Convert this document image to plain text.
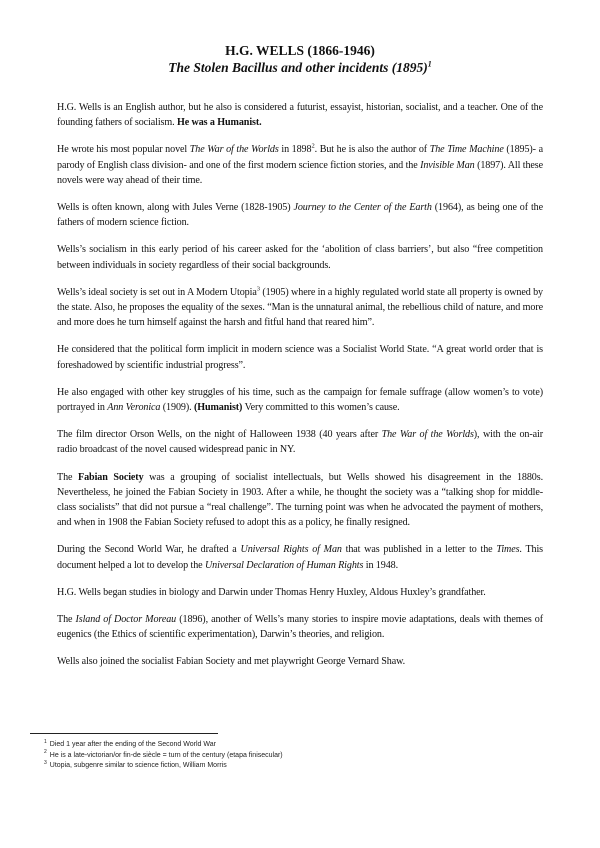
H.G. WELLS (1866-1946)
The Stolen Bacillus and other incidents $(1895)^1$

H.G. Wells is an English author, but he also is considered a futurist, essayist, historian, socialist, and a teacher. One of the founding fathers of socialism. He was a Humanist.

He wrote his most popular novel The War of the Worlds in 1898$^2$. But he is also the author of The Time Machine (1895)- a parody of English class division- and one of the first modern science fiction stories, and the Invisible Man (1897). All these novels were way ahead of their time.

Wells is often known, along with Jules Verne (1828-1905) Journey to the Center of the Earth (1964), as being one of the fathers of modern science fiction.

Wells’s socialism in this early period of his career asked for the ‘abolition of class barriers’, but also “free competition between individuals in society regardless of their social backgrounds.

Wells’s ideal society is set out in A Modern Utopia$^3$ (1905) where in a highly regulated world state all property is owned by the state. Also, he proposes the equality of the sexes. “Man is the unnatural animal, the rebellious child of nature, and more and more does he turn himself against the harsh and fitful hand that reared him”.

He considered that the political form implicit in modern science was a Socialist World State. “A great world order that is foreshadowed by scientific industrial progress”.

He also engaged with other key struggles of his time, such as the campaign for female suffrage (allow women’s to vote) portrayed in Ann Veronica (1909). (Humanist) Very committed to this women’s cause.

The film director Orson Wells, on the night of Halloween 1938 (40 years after The War of the Worlds), with the on-air radio broadcast of the novel caused widespread panic in NY.

The Fabian Society was a grouping of socialist intellectuals, but Wells showed his disagreement in the 1880s. Nevertheless, he joined the Fabian Society in 1903. After a while, he thought the society was a “talking shop for middle-class socialists” that did not pursue a “real challenge”. The turning point was when he advocated the payment of mothers, and when in 1908 the Fabian Society refused to adopt this as a policy, he finally resigned.

During the Second World War, he drafted a Universal Rights of Man that was published in a letter to the Times. This document helped a lot to develop the Universal Declaration of Human Rights in 1948.

H.G. Wells began studies in biology and Darwin under Thomas Henry Huxley, Aldous Huxley’s grandfather.

The Island of Doctor Moreau (1896), another of Wells’s many stories to inspire movie adaptations, deals with themes of eugenics (the Ethics of scientific experimentation), Darwin’s theories, and religion.

Wells also joined the socialist Fabian Society and met playwright George Vernard Shaw.

$^1$ Died 1 year after the ending of the Second World War
$^2$ He is a late-victorian/or fin-de siècle = turn of the century (etapa finisecular)
$^3$ Utopia, subgenre similar to science fiction, William Morris
